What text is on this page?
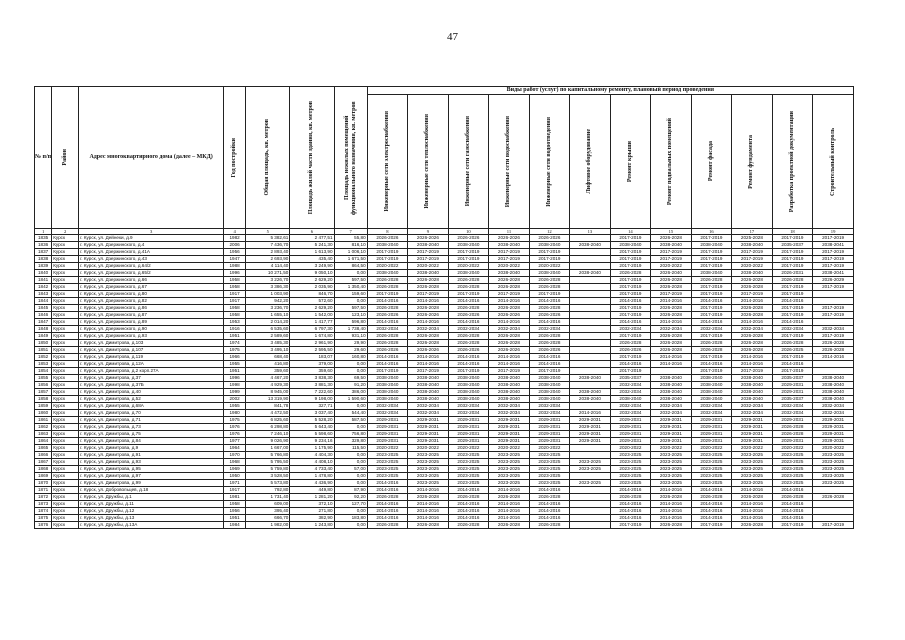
47
№ п/п	Район	Адрес многоквартирного дома (далее – МКД)	Год постройки	Общая площадь, кв. метров	Площадь жилой части здания, кв. метров	Площадь нежилых помещений функционального назначения, кв. метров	Виды работ (услуг) по капитальному ремонту, плановый период проведения											

							Инженерные сети электроснабжения	Инженерные сети теплоснабжения	Инженерные сети газоснабжения	Инженерные сети водоснабжения	Инженерные сети водоотведения	Лифтовое оборудование	Ремонт крыши	Ремонт подвальных помещений	Ремонт фасада	Ремонт фундамента	Разработка проектной документации	Строительный контроль

1	2	3	4	5	6	7	8	9	10	11	12	13	14	15	16	17	18	19
1835	Курск	г. Курск, ул. Дейнеки, д.9	1982	5 382,61	2 477,51	55,80	2026-2026	2026-2026	2026-2026	2026-2026	2026-2026		2017-2019	2026-2028	2017-2019	2025-2028	2017-2019	2017-2019
1836	Курск	г. Курск, ул. Дзержинского, д.4	2006	7 436,70	5 241,30	816,10	2038-2040	2038-2040	2038-2040	2038-2040	2038-2040	2038-2040	2038-2040	2038-2040	2038-2040	2038-2040	2035-2037	2038-2041
1837	Курск	г. Курск, ул. Дзержинского, д.41А	1956	2 893,40	1 613,90	1 006,10	2017-2019	2017-2019	2017-2019	2017-2019	2017-2019		2017-2019	2017-2019	2017-2019	2017-2019	2017-2019	2017-2019
1838	Курск	г. Курск, ул. Дзержинского, д.43	1947	2 693,90	435,40	1 671,50	2017-2019	2017-2019	2017-2019	2017-2019	2017-2019		2017-2019	2017-2019	2017-2019	2017-2019	2017-2019	2017-2019
1839	Курск	г. Курск, ул. Дзержинского, д.64/2	1988	4 114,40	3 249,90	864,50	2020-2022	2020-2022	2020-2022	2020-2022	2020-2022		2017-2019	2020-2022	2017-2019	2020-2022	2017-2019	2017-2019
1840	Курск	г. Курск, ул. Дзержинского, д.65/2	1996	10 271,50	9 050,10	0,00	2038-2040	2038-2040	2038-2040	2038-2040	2038-2040	2038-2040	2026-2028	2026-2040	2038-2040	2038-2040	2026-2031	2038-2041
1841	Курск	г. Курск, ул. Дзержинского, д.66	1958	3 226,70	2 629,20	597,50	2026-2028	2026-2028	2026-2028	2026-2028	2026-2028		2017-2019	2026-2028	2026-2028	2026-2028	2026-2028	2026-2029
1842	Курск	г. Курск, ул. Дзержинского, д.67	1958	3 386,30	2 035,90	1 350,40	2026-2028	2026-2028	2026-2028	2026-2028	2026-2028		2017-2019	2026-2028	2017-2019	2026-2028	2017-2019	2017-2019
1843	Курск	г. Курск, ул. Дзержинского, д.80	1917	1 003,90	846,70	159,60	2017-2019	2017-2019	2017-2019	2017-2019	2017-2019		2017-2019	2017-2019	2017-2019	2017-2019	2017-2019	
1844	Курск	г. Курск, ул. Дзержинского, д.82	1917	942,20	572,60	0,00	2014-2016	2014-2016	2014-2016	2014-2016	2014-2016		2014-2016	2014-2016	2014-2016	2014-2016	2014-2016	
1845	Курск	г. Курск, ул. Дзержинского, д.86	1958	3 236,70	2 629,20	597,50	2026-2028	2026-2028	2026-2028	2026-2028	2026-2028		2017-2019	2026-2028	2017-2019	2026-2028	2017-2019	2017-2019
1846	Курск	г. Курск, ул. Дзержинского, д.87	1958	1 655,10	1 542,00	123,10	2026-2026	2026-2026	2026-2026	2026-2026	2026-2026		2017-2019	2026-2028	2017-2019	2026-2028	2017-2019	2017-2019
1847	Курск	г. Курск, ул. Дзержинского, д.89	1953	2 014,20	1 417,77	596,80	2014-2016	2014-2016	2014-2016	2014-2016	2014-2016		2014-2016	2014-2016	2014-2016	2014-2016	2014-2016	
1848	Курск	г. Курск, ул. Дзержинского, д.90	1916	6 535,60	6 797,30	1 738,40	2032-2034	2032-2034	2032-2034	2032-2034	2032-2034		2032-2034	2032-2034	2032-2034	2032-2034	2032-2034	2032-2034
1849	Курск	г. Курск, ул. Дзержинского, д.93	1951	2 589,60	1 674,80	931,10	2026-2028	2026-2028	2026-2028	2026-2028	2026-2028		2017-2019	2026-2028	2017-2019	2026-2028	2017-2019	2017-2019
1850	Курск	г. Курск, ул. Димитрова, д.103	1974	3 485,30	2 961,90	29,90	2026-2028	2026-2028	2026-2028	2026-2028	2026-2028		2026-2028	2026-2028	2026-2028	2026-2028	2026-2028	2026-2028
1851	Курск	г. Курск, ул. Димитрова, д.107	1975	3 495,10	2 595,50	29,60	2026-2026	2026-2026	2026-2026	2026-2026	2026-2026		2026-2026	2026-2028	2026-2028	2026-2028	2026-2025	2026-2028
1852	Курск	г. Курск, ул. Димитрова, д.119	1966	668,40	183,07	160,80	2014-2016	2014-2016	2014-2016	2014-2016	2014-2016		2017-2019	2014-2016	2017-2019	2014-2016	2017-2019	2014-2016
1853	Курск	г. Курск, ул. Димитрова, д.12А	1955	416,80	379,00	0,00	2014-2016	2014-2016	2014-2016	2014-2016	2014-2016		2014-2016	2014-2016	2014-2016	2014-2016	2014-2016	
1854	Курск	г. Курск, ул. Димитрова, д.2 корп.27А	1951	359,60	359,60	0,00	2017-2019	2017-2019	2017-2019	2017-2019	2017-2019		2017-2019		2017-2019	2017-2019	2017-2019	
1855	Курск	г. Курск, ул. Димитрова, д.37	1996	4 467,20	3 838,30	69,50	2038-2040	2038-2040	2038-2040	2038-2040	2038-2040	2038-2040	2035-2037	2038-2040	2038-2040	2038-2040	2035-2037	2038-2040
1856	Курск	г. Курск, ул. Димитрова, д.37Б	1998	4 929,30	3 881,30	91,20	2038-2040	2038-2040	2038-2040	2038-2040	2038-2040		2032-2034	2038-2040	2038-2040	2038-2040	2029-2031	2038-2040
1857	Курск	г. Курск, ул. Димитрова, д.40	1999	8 945,00	7 222,60	386,00	2038-2040	2038-2040	2038-2040	2038-2040	2038-2040	2038-2040	2032-2034	2038-2040	2038-2040	2038-2040	2029-2031	2038-2040
1858	Курск	г. Курск, ул. Димитрова, д.52	2002	13 319,90	9 198,00	1 590,60	2038-2040	2038-2040	2038-2040	2038-2040	2038-2040	2038-2040	2038-2040	2038-2040	2038-2040	2038-2040	2035-2037	2038-2040
1859	Курск	г. Курск, ул. Димитрова, д.68А	1955	841,78	327,71	0,00	2032-2034	2032-2034	2032-2034	2032-2034	2032-2034		2032-2034	2032-2034	2032-2034	2032-2034	2032-2034	2032-2034
1860	Курск	г. Курск, ул. Димитрова, д.70	1980	4 472,50	3 037,40	544,40	2032-2034	2032-2034	2032-2034	2032-2034	2032-2034	2014-2016	2032-2034	2032-2034	2032-2034	2032-2034	2032-2034	2032-2034
1861	Курск	г. Курск, ул. Димитрова, д.71	1975	6 825,60	5 528,20	587,50	2029-2031	2029-2031	2029-2031	2029-2031	2029-2031	2029-2031	2029-2031	2029-2031	2029-2031	2029-2031	2029-2031	2029-2031
1862	Курск	г. Курск, ул. Димитрова, д.73	1976	6 298,80	5 643,40	0,00	2029-2031	2029-2031	2029-2031	2029-2031	2029-2031	2029-2031	2029-2031	2029-2031	2029-2031	2029-2031	2026-2028	2029-2031
1863	Курск	г. Курск, ул. Димитрова, д.75	1976	7 246,10	5 598,60	756,80	2029-2031	2029-2031	2029-2031	2029-2031	2029-2031	2029-2031	2029-2031	2029-2031	2029-2031	2029-2031	2026-2028	2029-2031
1864	Курск	г. Курск, ул. Димитрова, д.84	1977	9 026,90	9 234,16	329,80	2029-2031	2029-2031	2029-2031	2029-2031	2029-2031	2029-2031	2029-2031	2029-2031	2029-2031	2029-2031	2029-2031	2029-2031
1865	Курск	г. Курск, ул. Димитрова, д.9	1964	1 667,00	1 175,90	115,50	2020-2022	2020-2022	2020-2022	2020-2022	2020-2022		2020-2022	2020-2022	2020-2022	2020-2022	2020-2022	2020-2022
1866	Курск	г. Курск, ул. Димитрова, д.91	1970	5 766,80	4 404,30	0,00	2023-2025	2023-2025	2023-2025	2023-2025	2023-2025		2023-2025	2023-2025	2023-2025	2023-2025	2023-2025	2023-2025
1867	Курск	г. Курск, ул. Димитрова, д.93	1968	5 795,50	4 408,10	0,00	2023-2025	2023-2025	2023-2025	2023-2025	2023-2025	2023-2025	2023-2025	2023-2025	2023-2025	2023-2025	2023-2025	2023-2025
1868	Курск	г. Курск, ул. Димитрова, д.95	1969	5 759,80	4 733,40	57,00	2023-2025	2023-2025	2023-2025	2023-2025	2023-2025	2023-2025	2023-2025	2023-2025	2023-2025	2023-2025	2023-2025	2023-2025
1869	Курск	г. Курск, ул. Димитрова, д.97	1950	3 528,50	1 478,80	0,00	2023-2025	2023-2025	2023-2025	2023-2025	2023-2025		2023-2025	2023-2025	2023-2025	2023-2025	2023-2025	2023-2025
1870	Курск	г. Курск, ул. Димитрова, д.99	1971	5 573,80	4 436,90	0,00	2014-2016	2023-2025	2023-2025	2023-2025	2023-2025	2023-2025	2023-2025	2023-2025	2023-2025	2023-2025	2023-2025	2023-2025
1871	Курск	г. Курск, ул. Добровольцев, д.18	1917	792,80	449,80	87,90	2014-2016	2014-2016	2014-2016	2014-2016	2014-2016		2014-2016	2014-2016	2014-2016	2014-2016	2014-2016	
1872	Курск	г. Курск, ул. Дружбы, д.1	1981	1 731,40	1 281,20	92,20	2026-2028	2026-2028	2026-2028	2026-2028	2026-2028		2026-2028	2026-2028	2026-2028	2026-2028	2026-2028	2026-2028
1873	Курск	г. Курск, ул. Дружбы, д.11	1958	609,00	372,10	127,70	2014-2016	2014-2016	2014-2016	2014-2016	2014-2016		2014-2016	2014-2016	2014-2016	2014-2016	2014-2016	
1874	Курск	г. Курск, ул. Дружбы, д.12	1956	395,40	271,80	0,00	2014-2016	2014-2016	2014-2016	2014-2016	2014-2016		2014-2016	2014-2016	2014-2016	2014-2016	2014-2016	
1875	Курск	г. Курск, ул. Дружбы, д.13	1951	666,70	382,90	183,80	2014-2016	2014-2016	2014-2016	2014-2016	2014-2016		2014-2016	2014-2016	2014-2016	2014-2016	2014-2016	
1876	Курск	г. Курск, ул. Дружбы, д.13А	1984	1 982,00	1 243,80	0,00	2026-2028	2026-2028	2026-2028	2026-2028	2026-2028		2017-2019	2026-2028	2017-2019	2026-2028	2017-2019	2017-2019
